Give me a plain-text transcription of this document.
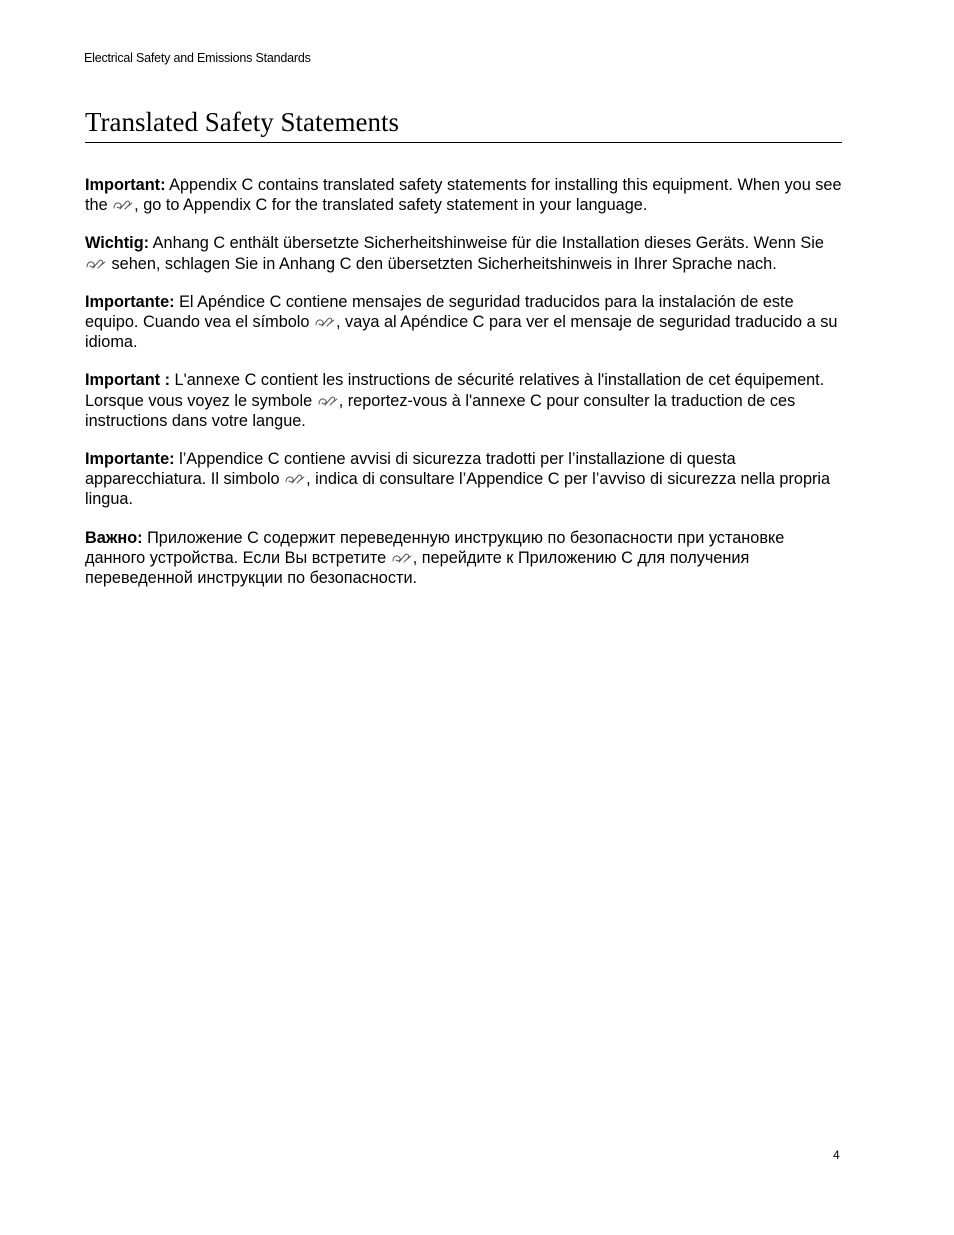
Electrical Safety and Emissions Standards
Translated Safety Statements

Important: Appendix C contains translated safety statements for installing this equipment. When you see the , go to Appendix C for the translated safety statement in your language.

Wichtig: Anhang C enthält übersetzte Sicherheitshinweise für die Installation dieses Geräts. Wenn Sie  sehen, schlagen Sie in Anhang C den übersetzten Sicherheitshinweis in Ihrer Sprache nach.

Importante: El Apéndice C contiene mensajes de seguridad traducidos para la instalación de este equipo. Cuando vea el símbolo , vaya al Apéndice C para ver el mensaje de seguridad traducido a su idioma.

Important : L'annexe C contient les instructions de sécurité relatives à l'installation de cet équipement. Lorsque vous voyez le symbole , reportez-vous à l'annexe C pour consulter la traduction de ces instructions dans votre langue.

Importante: l’Appendice C contiene avvisi di sicurezza tradotti per l’installazione di questa apparecchiatura. Il simbolo , indica di consultare l’Appendice C per l’avviso di sicurezza nella propria lingua.

Важно: Приложение С содержит переведенную инструкцию по безопасности при установке данного устройства. Если Вы встретите , перейдите к Приложению С для получения переведенной инструкции по безопасности.

4
